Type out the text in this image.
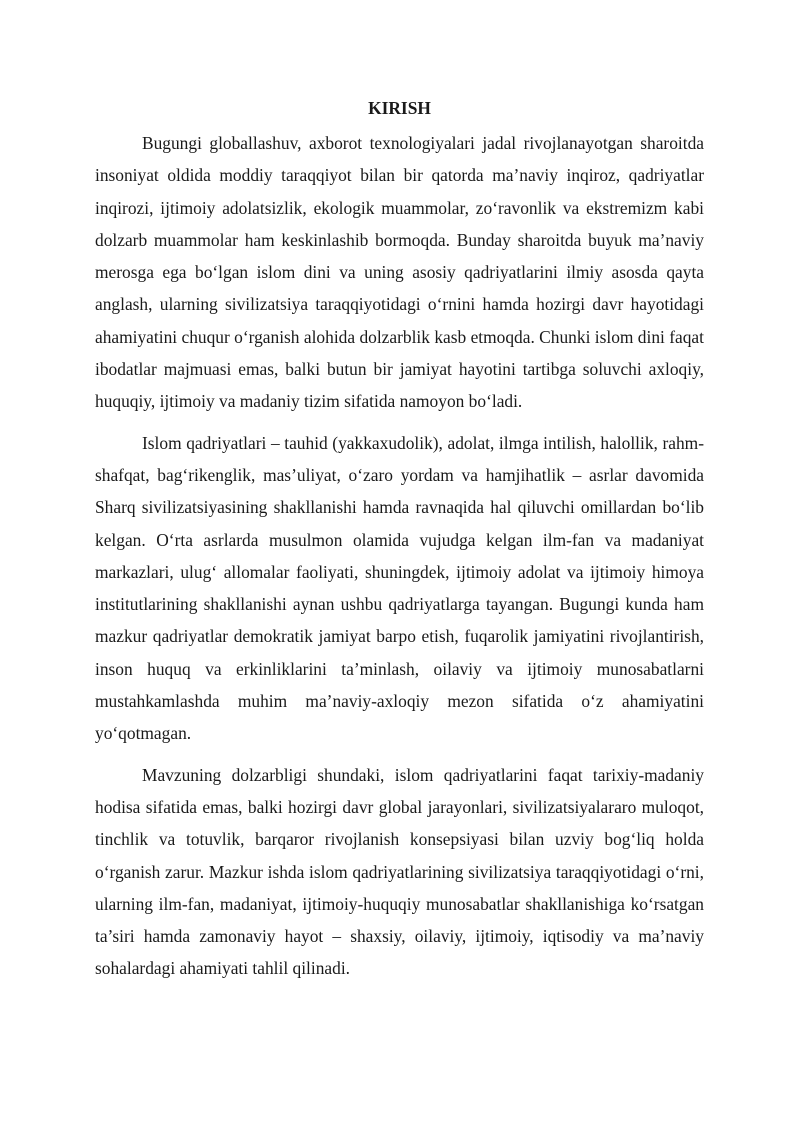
KIRISH

Bugungi globallashuv, axborot texnologiyalari jadal rivojlanayotgan sharoitda insoniyat oldida moddiy taraqqiyot bilan bir qatorda ma’naviy inqiroz, qadriyatlar inqirozi, ijtimoiy adolatsizlik, ekologik muammolar, zo‘ravonlik va ekstremizm kabi dolzarb muammolar ham keskinlashib bormoqda. Bunday sharoitda buyuk ma’naviy merosga ega bo‘lgan islom dini va uning asosiy qadriyatlarini ilmiy asosda qayta anglash, ularning sivilizatsiya taraqqiyotidagi o‘rnini hamda hozirgi davr hayotidagi ahamiyatini chuqur o‘rganish alohida dolzarblik kasb etmoqda. Chunki islom dini faqat ibodatlar majmuasi emas, balki butun bir jamiyat hayotini tartibga soluvchi axloqiy, huquqiy, ijtimoiy va madaniy tizim sifatida namoyon bo‘ladi.

Islom qadriyatlari – tauhid (yakkaxudolik), adolat, ilmga intilish, halollik, rahm-shafqat, bag‘rikenglik, mas’uliyat, o‘zaro yordam va hamjihatlik – asrlar davomida Sharq sivilizatsiyasining shakllanishi hamda ravnaqida hal qiluvchi omillardan bo‘lib kelgan. O‘rta asrlarda musulmon olamida vujudga kelgan ilm-fan va madaniyat markazlari, ulug‘ allomalar faoliyati, shuningdek, ijtimoiy adolat va ijtimoiy himoya institutlarining shakllanishi aynan ushbu qadriyatlarga tayangan. Bugungi kunda ham mazkur qadriyatlar demokratik jamiyat barpo etish, fuqarolik jamiyatini rivojlantirish, inson huquq va erkinliklarini ta’minlash, oilaviy va ijtimoiy munosabatlarni mustahkamlashda muhim ma’naviy-axloqiy mezon sifatida o‘z ahamiyatini yo‘qotmagan.

Mavzuning dolzarbligi shundaki, islom qadriyatlarini faqat tarixiy-madaniy hodisa sifatida emas, balki hozirgi davr global jarayonlari, sivilizatsiyalararo muloqot, tinchlik va totuvlik, barqaror rivojlanish konsepsiyasi bilan uzviy bog‘liq holda o‘rganish zarur. Mazkur ishda islom qadriyatlarining sivilizatsiya taraqqiyotidagi o‘rni, ularning ilm-fan, madaniyat, ijtimoiy-huquqiy munosabatlar shakllanishiga ko‘rsatgan ta’siri hamda zamonaviy hayot – shaxsiy, oilaviy, ijtimoiy, iqtisodiy va ma’naviy sohalardagi ahamiyati tahlil qilinadi.
